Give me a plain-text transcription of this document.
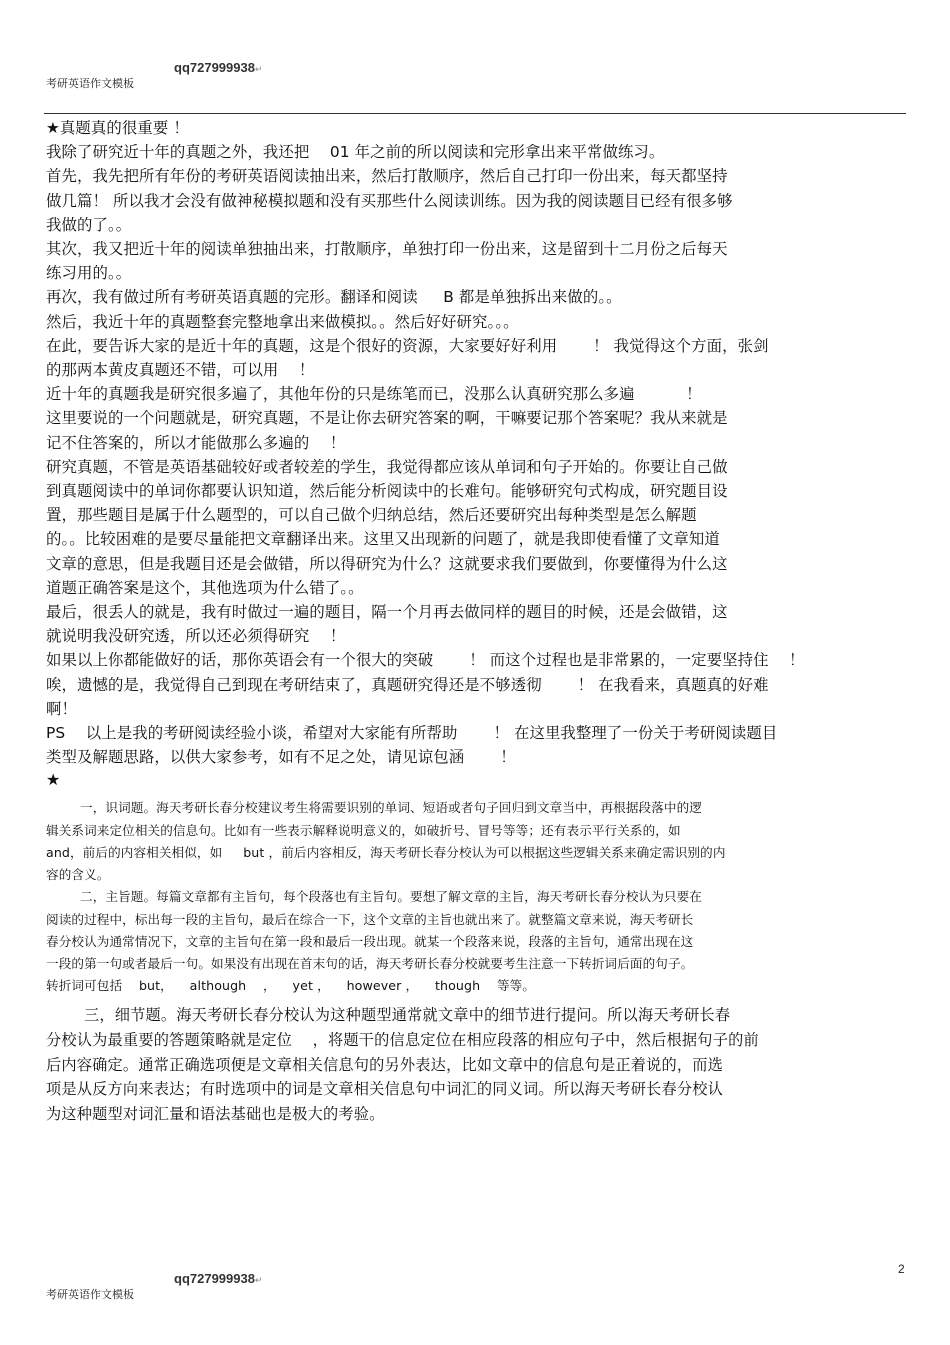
qq727999938↵
考研英语作文模板
★真题真的很重要 ！
我除了研究近十年的真题之外，我还把　 01 年之前的所以阅读和完形拿出来平常做练习。
首先，我先把所有年份的考研英语阅读抽出来，然后打散顺序，然后自己打印一份出来，每天都坚持
做几篇！ 所以我才会没有做神秘模拟题和没有买那些什么阅读训练。因为我的阅读题目已经有很多够
我做的了。。
其次，我又把近十年的阅读单独抽出来，打散顺序，单独打印一份出来，这是留到十二月份之后每天
练习用的。。
再次，我有做过所有考研英语真题的完形。翻译和阅读 　 B 都是单独拆出来做的。。
然后，我近十年的真题整套完整地拿出来做模拟。。然后好好研究。。。
在此，要告诉大家的是近十年的真题，这是个很好的资源，大家要好好利用 　　！ 我觉得这个方面，张剑
的那两本黄皮真题还不错，可以用 　！
近十年的真题我是研究很多遍了，其他年份的只是练笔而已，没那么认真研究那么多遍 　　　！
这里要说的一个问题就是，研究真题，不是让你去研究答案的啊，干嘛要记那个答案呢？我从来就是
记不住答案的，所以才能做那么多遍的 　！
研究真题，不管是英语基础较好或者较差的学生，我觉得都应该从单词和句子开始的。你要让自己做
到真题阅读中的单词你都要认识知道，然后能分析阅读中的长难句。能够研究句式构成，研究题目设
置，那些题目是属于什么题型的，可以自己做个归纳总结，然后还要研究出每种类型是怎么解题
的。。比较困难的是要尽量能把文章翻译出来。这里又出现新的问题了，就是我即使看懂了文章知道
文章的意思，但是我题目还是会做错，所以得研究为什么？这就要求我们要做到，你要懂得为什么这
道题正确答案是这个，其他选项为什么错了。。
最后，很丢人的就是，我有时做过一遍的题目，隔一个月再去做同样的题目的时候，还是会做错，这
就说明我没研究透，所以还必须得研究 　！
如果以上你都能做好的话，那你英语会有一个很大的突破 　　！ 而这个过程也是非常累的，一定要坚持住 　！
唉，遗憾的是，我觉得自己到现在考研结束了，真题研究得还是不够透彻 　　！ 在我看来，真题真的好难
啊！
PS 　以上是我的考研阅读经验小谈，希望对大家能有所帮助 　　！ 在这里我整理了一份关于考研阅读题目
类型及解题思路，以供大家参考，如有不足之处，请见谅包涵 　　！
★
一，识词题。海天考研长春分校建议考生将需要识别的单词、短语或者句子回归到文章当中，再根据段落中的逻
辑关系词来定位相关的信息句。比如有一些表示解释说明意义的，如破折号、冒号等等；还有表示平行关系的，如
and，前后的内容相关相似，如 　 but ，前后内容相反，海天考研长春分校认为可以根据这些逻辑关系来确定需识别的内
容的含义。
二，主旨题。每篇文章都有主旨句，每个段落也有主旨句。要想了解文章的主旨，海天考研长春分校认为只要在
阅读的过程中，标出每一段的主旨句，最后在综合一下，这个文章的主旨也就出来了。就整篇文章来说，海天考研长
春分校认为通常情况下，文章的主旨句在第一段和最后一段出现。就某一个段落来说，段落的主旨句，通常出现在这
一段的第一句或者最后一句。如果没有出现在首末句的话，海天考研长春分校就要考生注意一下转折词后面的句子。
转折词可包括 　but， 　although 　， 　yet ， 　however ， 　though 　等等。
三，细节题。海天考研长春分校认为这种题型通常就文章中的细节进行提问。所以海天考研长春
分校认为最重要的答题策略就是定位 　，将题干的信息定位在相应段落的相应句子中，然后根据句子的前
后内容确定。通常正确选项便是文章相关信息句的另外表达，比如文章中的信息句是正着说的，而选
项是从反方向来表达；有时选项中的词是文章相关信息句中词汇的同义词。所以海天考研长春分校认
为这种题型对词汇量和语法基础也是极大的考验。
2
qq727999938↵
考研英语作文模板
